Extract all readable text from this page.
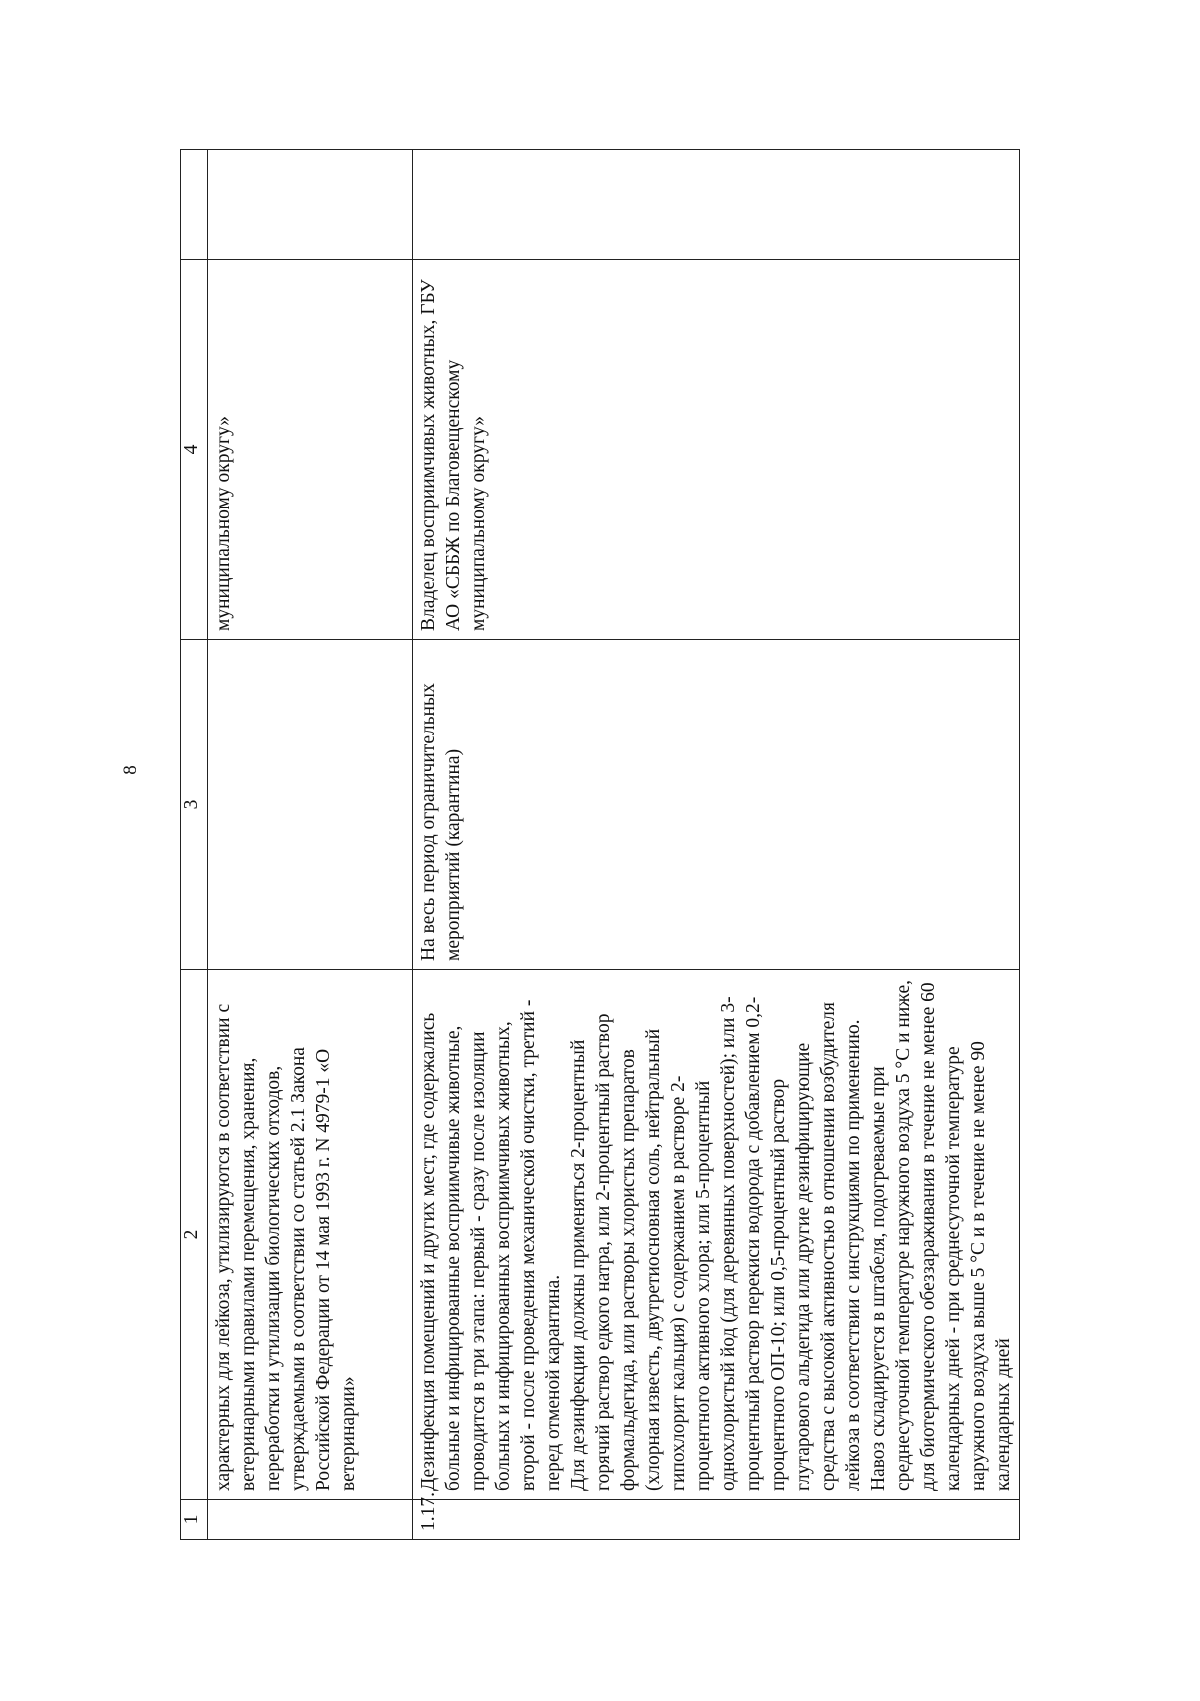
8
1	2	3	4	

	характерных для лейкоза, утилизируются в соответствии с ветеринарными правилами перемещения, хранения, переработки и утилизации биологических отходов, утверждаемыми в соответствии со статьей 2.1 Закона Российской Федерации от 14 мая 1993 г. N 4979-1 «О ветеринарии»		муниципальному округу»	
1.17.	Дезинфекция помещений и других мест, где содержались больные и инфицированные восприимчивые животные, проводится в три этапа: первый - сразу после изоляции больных и инфицированных восприимчивых животных, второй - после проведения механической очистки, третий - перед отменой карантина. Для дезинфекции должны применяться 2-процентный горячий раствор едкого натра, или 2-процентный раствор формальдегида, или растворы хлористых препаратов (хлорная известь, двутретиосновная соль, нейтральный гипохлорит кальция) с содержанием в растворе 2-процентного активного хлора; или 5-процентный однохлористый йод (для деревянных поверхностей); или 3-процентный раствор перекиси водорода с добавлением 0,2-процентного ОП-10; или 0,5-процентный раствор глутарового альдегида или другие дезинфицирующие средства с высокой активностью в отношении возбудителя лейкоза в соответствии с инструкциями по применению. Навоз складируется в штабеля, подогреваемые при среднесуточной температуре наружного воздуха 5 °С и ниже, для биотермического обеззараживания в течение не менее 60 календарных дней - при среднесуточной температуре наружного воздуха выше 5 °С и в течение не менее 90 календарных дней	На весь период ограничительных мероприятий (карантина)	Владелец восприимчивых животных, ГБУ АО «СББЖ по Благовещенскому муниципальному округу»	
